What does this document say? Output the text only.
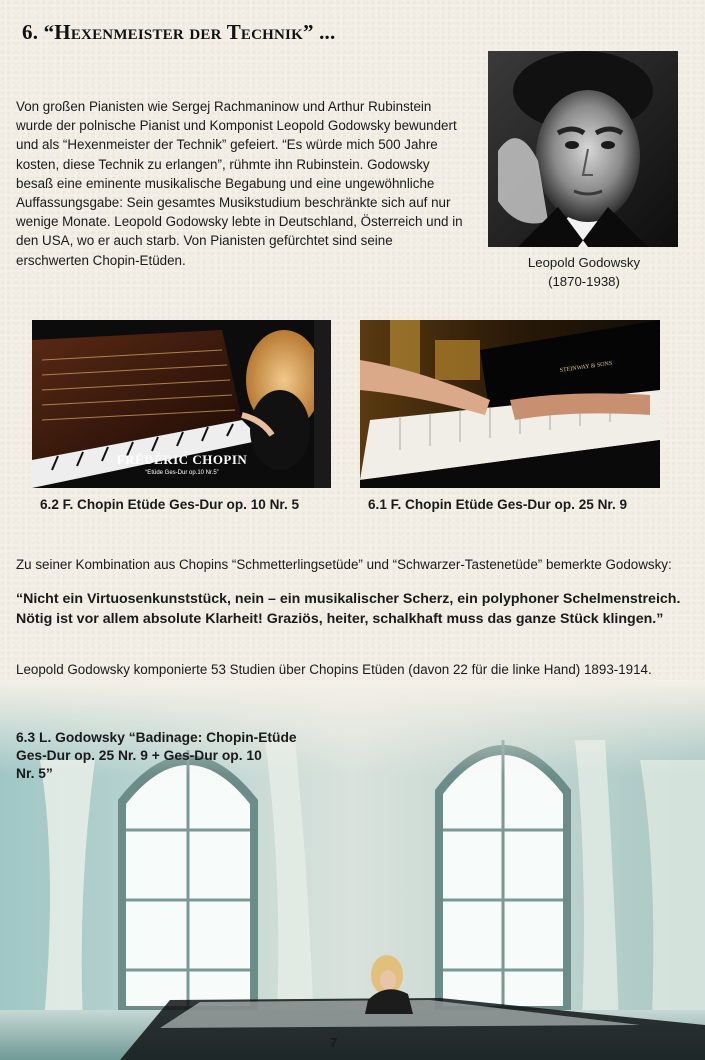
6. “Hexenmeister der Technik” ...

Von großen Pianisten wie Sergej Rachmaninow und Arthur Rubinstein wurde der polnische Pianist und Komponist Leopold Godowsky bewundert und als “Hexenmeister der Technik” gefeiert. “Es würde mich 500 Jahre kosten, diese Technik zu erlangen”, rühmte ihn Rubinstein. Godowsky besaß eine eminente musikalische Begabung und eine ungewöhnliche Auffassungsgabe: Sein gesamtes Musikstudium beschränkte sich auf nur wenige Monate. Leopold Godowsky lebte in Deutschland, Österreich und in den USA, wo er auch starb. Von Pianisten gefürchtet sind seine erschwerten Chopin-Etüden.	Leopold Godowsky
(1870-1938)
FRÉDÉRIC CHOPIN
“Etüde Ges-Dur op.10 Nr.5”
6.2 F. Chopin Etüde Ges-Dur op. 10 Nr. 5
STEINWAY & SONS
6.1 F. Chopin Etüde Ges-Dur op. 25 Nr. 9

Zu seiner Kombination aus Chopins “Schmetterlingsetüde” und “Schwarzer-Tastenetüde” bemerkte Godowsky:

“Nicht ein Virtuosenkunststück, nein – ein musikalischer Scherz, ein polyphoner Schelmenstreich. Nötig ist vor allem absolute Klarheit! Graziös, heiter, schalkhaft muss das ganze Stück klingen.”

Leopold Godowsky komponierte 53 Studien über Chopins Etüden (davon 22 für die linke Hand) 1893-1914.

6.3 L. Godowsky “Badinage: Chopin-Etüde
Ges-Dur op. 25 Nr. 9 + Ges-Dur op. 10
Nr. 5”
7
